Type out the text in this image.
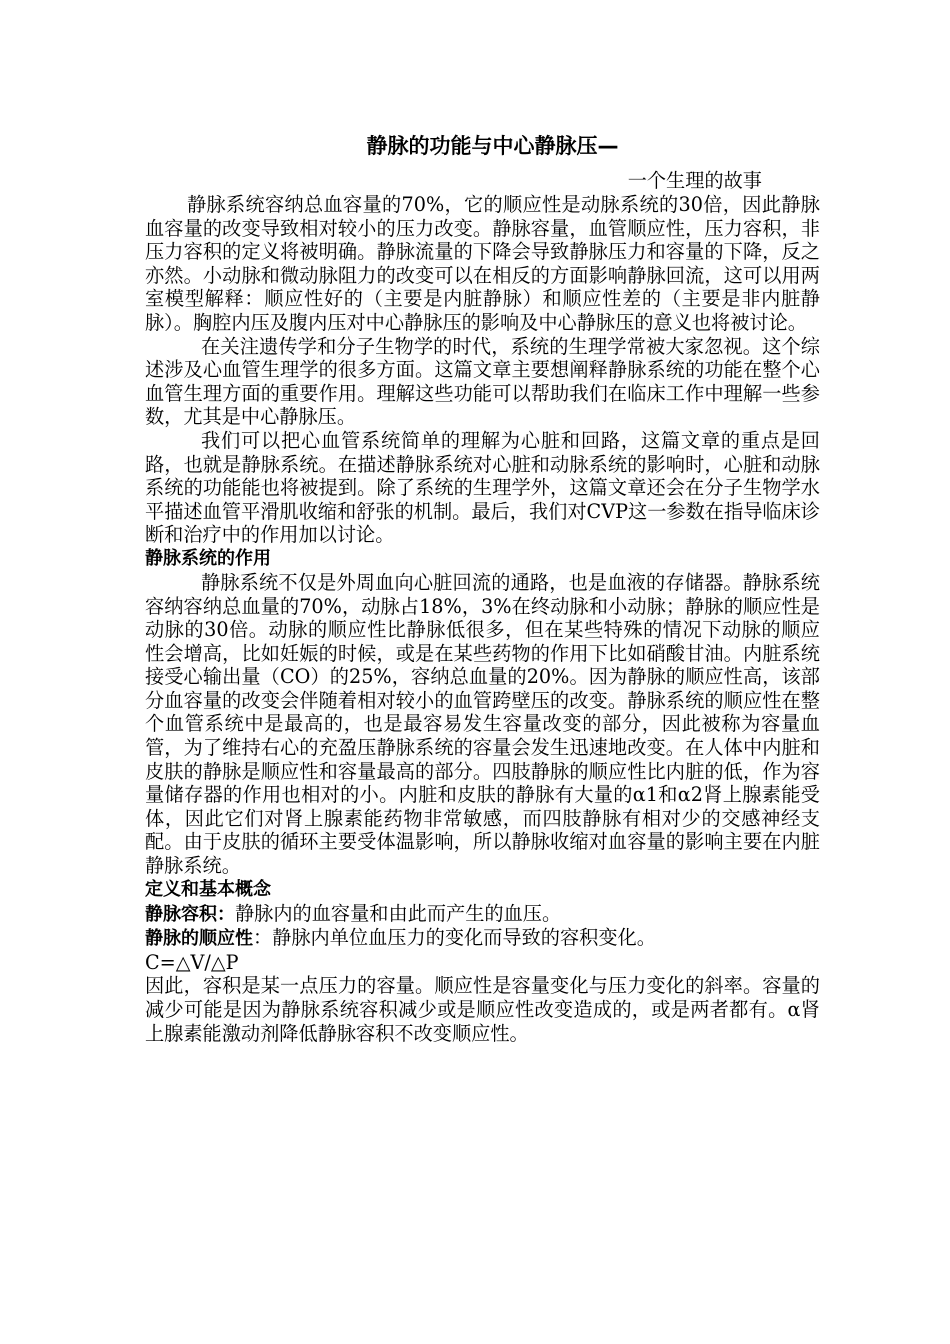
静脉的功能与中心静脉压—

一个生理的故事

静脉系统容纳总血容量的70%，它的顺应性是动脉系统的30倍，因此静脉血容量的改变导致相对较小的压力改变。静脉容量，血管顺应性，压力容积，非压力容积的定义将被明确。静脉流量的下降会导致静脉压力和容量的下降，反之亦然。小动脉和微动脉阻力的改变可以在相反的方面影响静脉回流，这可以用两室模型解释：顺应性好的（主要是内脏静脉）和顺应性差的（主要是非内脏静脉）。胸腔内压及腹内压对中心静脉压的影响及中心静脉压的意义也将被讨论。

在关注遗传学和分子生物学的时代，系统的生理学常被大家忽视。这个综述涉及心血管生理学的很多方面。这篇文章主要想阐释静脉系统的功能在整个心血管生理方面的重要作用。理解这些功能可以帮助我们在临床工作中理解一些参数，尤其是中心静脉压。

我们可以把心血管系统简单的理解为心脏和回路，这篇文章的重点是回路，也就是静脉系统。在描述静脉系统对心脏和动脉系统的影响时，心脏和动脉系统的功能能也将被提到。除了系统的生理学外，这篇文章还会在分子生物学水平描述血管平滑肌收缩和舒张的机制。最后，我们对CVP这一参数在指导临床诊断和治疗中的作用加以讨论。

静脉系统的作用

静脉系统不仅是外周血向心脏回流的通路，也是血液的存储器。静脉系统容纳容纳总血量的70%，动脉占18%，3%在终动脉和小动脉；静脉的顺应性是动脉的30倍。动脉的顺应性比静脉低很多，但在某些特殊的情况下动脉的顺应性会增高，比如妊娠的时候，或是在某些药物的作用下比如硝酸甘油。内脏系统接受心输出量（CO）的25%，容纳总血量的20%。因为静脉的顺应性高，该部分血容量的改变会伴随着相对较小的血管跨壁压的改变。静脉系统的顺应性在整个血管系统中是最高的，也是最容易发生容量改变的部分，因此被称为容量血管，为了维持右心的充盈压静脉系统的容量会发生迅速地改变。在人体中内脏和皮肤的静脉是顺应性和容量最高的部分。四肢静脉的顺应性比内脏的低，作为容量储存器的作用也相对的小。内脏和皮肤的静脉有大量的α1和α2肾上腺素能受体，因此它们对肾上腺素能药物非常敏感，而四肢静脉有相对少的交感神经支配。由于皮肤的循环主要受体温影响，所以静脉收缩对血容量的影响主要在内脏静脉系统。

定义和基本概念

静脉容积：静脉内的血容量和由此而产生的血压。

静脉的顺应性：静脉内单位血压力的变化而导致的容积变化。

C=△V/△P

因此，容积是某一点压力的容量。顺应性是容量变化与压力变化的斜率。容量的减少可能是因为静脉系统容积减少或是顺应性改变造成的，或是两者都有。α肾上腺素能激动剂降低静脉容积不改变顺应性。
